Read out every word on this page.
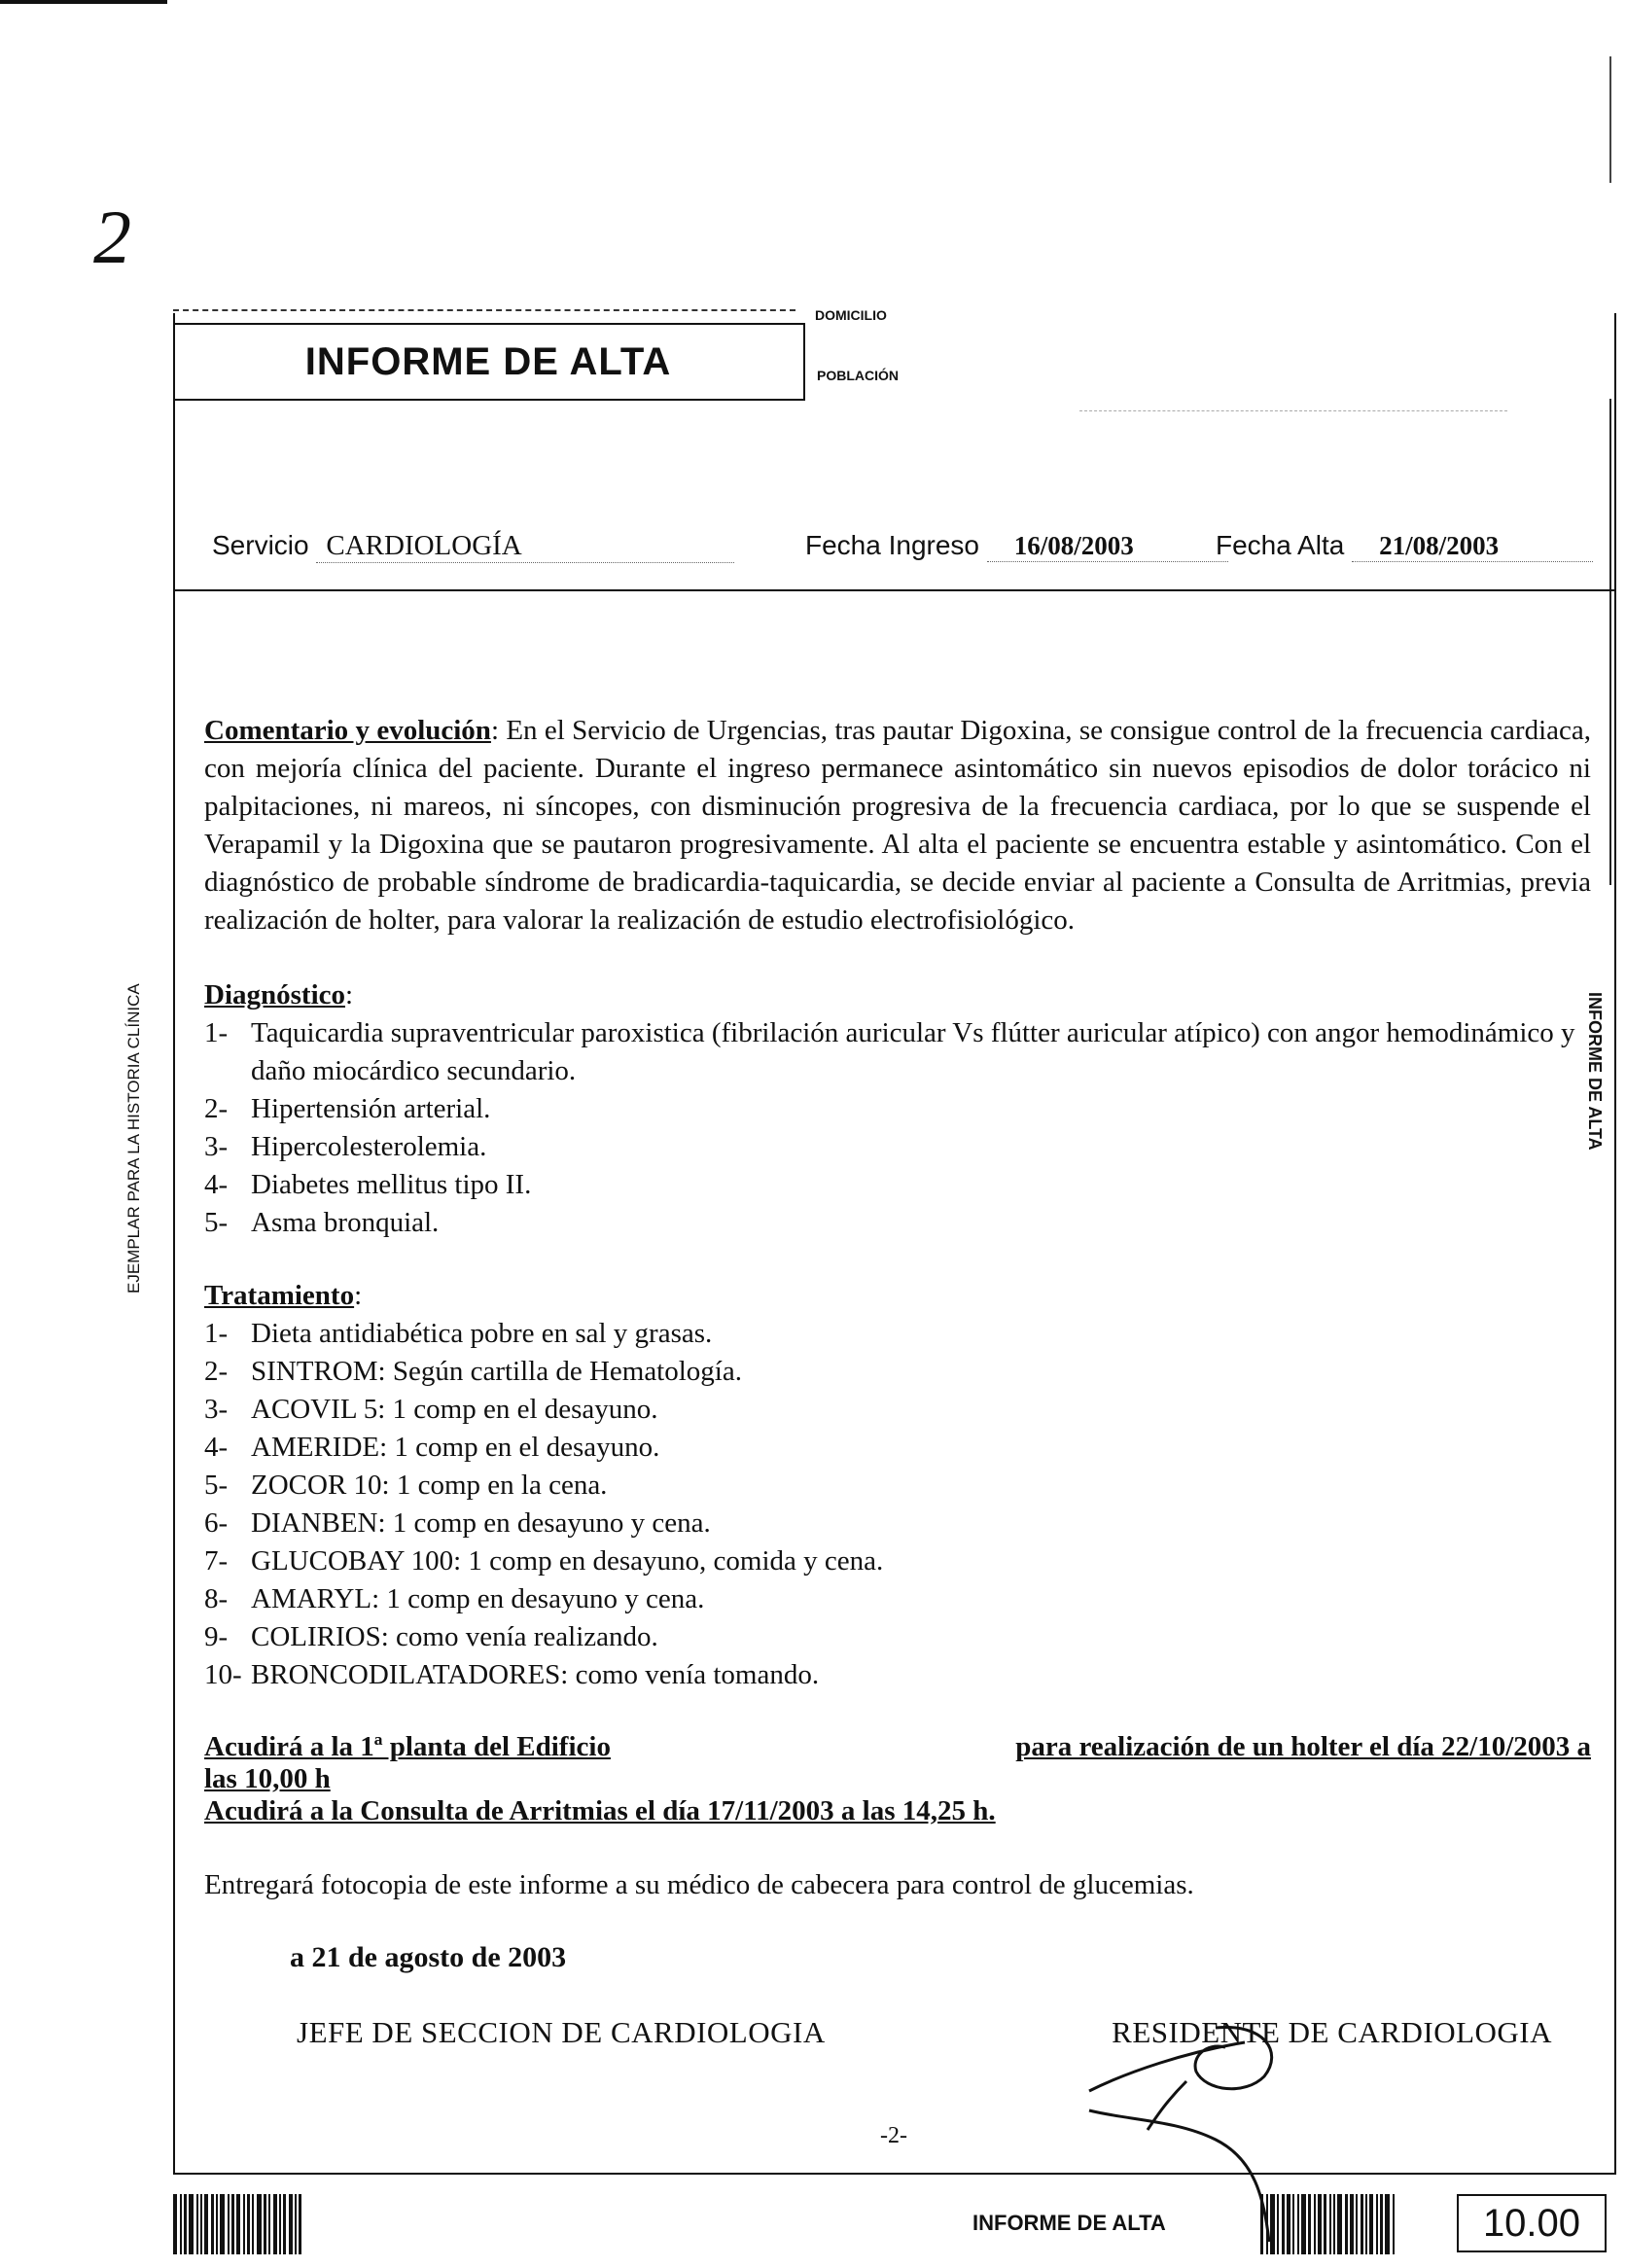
2
INFORME DE ALTA
DOMICILIO
POBLACIÓN
Servicio CARDIOLOGÍA	Fecha Ingreso 16/08/2003	Fecha Alta 21/08/2003
Comentario y evolución: En el Servicio de Urgencias, tras pautar Digoxina, se consigue control de la frecuencia cardiaca, con mejoría clínica del paciente. Durante el ingreso permanece asintomático sin nuevos episodios de dolor torácico ni palpitaciones, ni mareos, ni síncopes, con disminución progresiva de la frecuencia cardiaca, por lo que se suspende el Verapamil y la Digoxina que se pautaron progresivamente. Al alta el paciente se encuentra estable y asintomático. Con el diagnóstico de probable síndrome de bradicardia-taquicardia, se decide enviar al paciente a Consulta de Arritmias, previa realización de holter, para valorar la realización de estudio electrofisiológico.
Diagnóstico:
1- Taquicardia supraventricular paroxistica (fibrilación auricular Vs flútter auricular atípico) con angor hemodinámico y daño miocárdico secundario.
2- Hipertensión arterial.
3- Hipercolesterolemia.
4- Diabetes mellitus tipo II.
5- Asma bronquial.
Tratamiento:
1- Dieta antidiabética pobre en sal y grasas.
2- SINTROM: Según cartilla de Hematología.
3- ACOVIL 5: 1 comp en el desayuno.
4- AMERIDE: 1 comp en el desayuno.
5- ZOCOR 10: 1 comp en la cena.
6- DIANBEN: 1 comp en desayuno y cena.
7- GLUCOBAY 100: 1 comp en desayuno, comida y cena.
8- AMARYL: 1 comp en desayuno y cena.
9- COLIRIOS: como venía realizando.
10- BRONCODILATADORES: como venía tomando.
Acudirá a la 1ª planta del Edificio	para realización de un holter el día 22/10/2003 a
las 10,00 h
Acudirá a la Consulta de Arritmias el día 17/11/2003 a las 14,25 h.
Entregará fotocopia de este informe a su médico de cabecera para control de glucemias.
a 21 de agosto de 2003
JEFE DE SECCION DE CARDIOLOGIA	RESIDENTE DE CARDIOLOGIA
-2-
EJEMPLAR PARA LA HISTORIA CLÍNICA	INFORME DE ALTA
INFORME DE ALTA	10.00
